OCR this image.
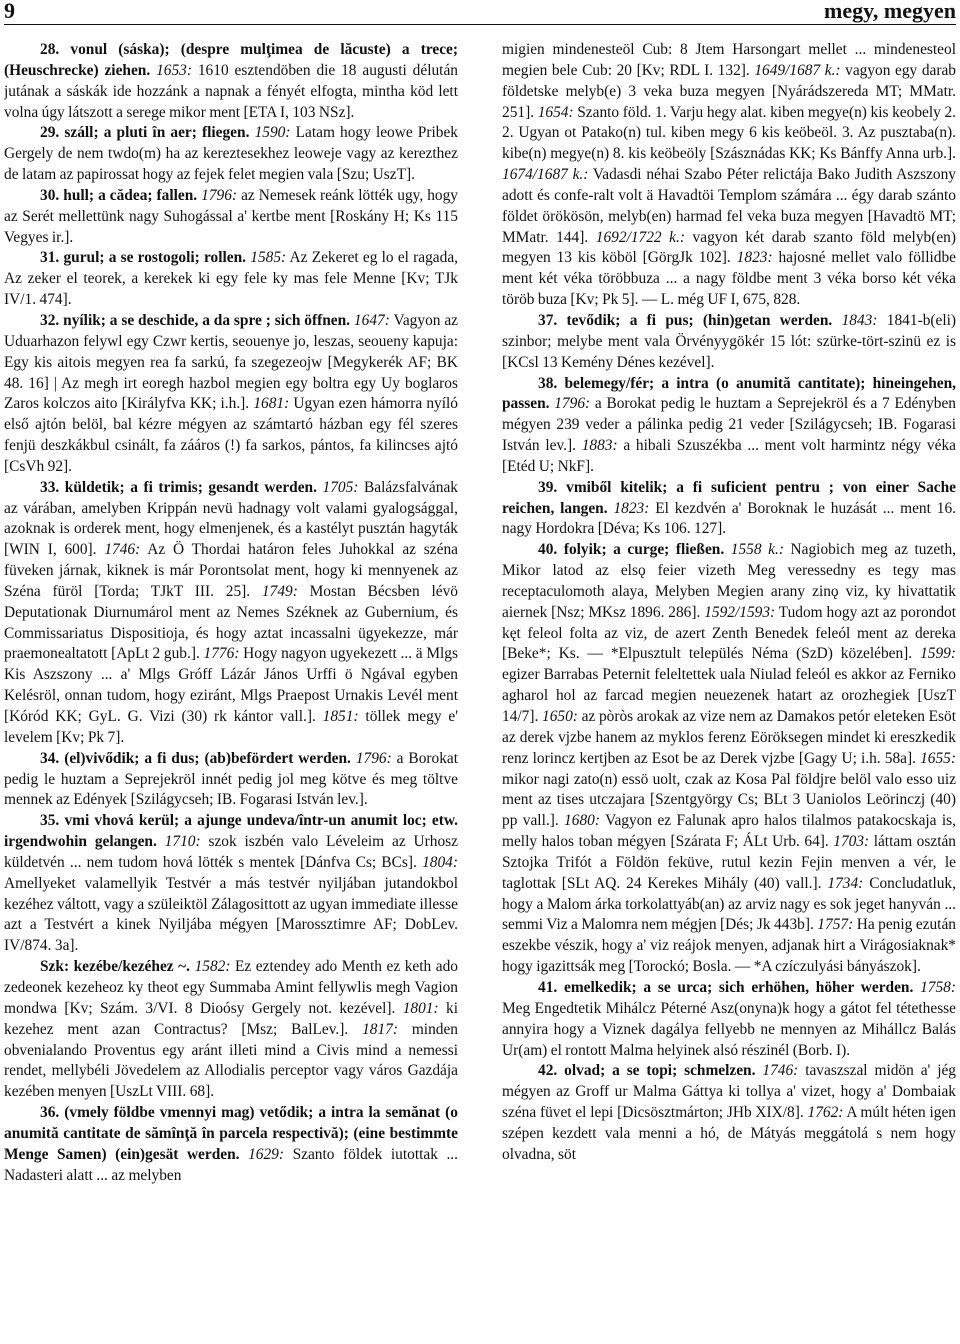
9	megy, megyen

28. vonul (sáska); (despre mulţimea de lăcuste) a trece; (Heuschrecke) ziehen. 1653: 1610 esztendöben die 18 augusti délután jutának a sáskák ide hozzánk a napnak a fényét elfogta, mintha köd lett volna úgy látszott a serege mikor ment [ETA I, 103 NSz].

29. száll; a pluti în aer; fliegen. 1590: Latam hogy leowe Pribek Gergely de nem twdo(m) ha az kereztesekhez leoweje vagy az kerezthez de latam az papirossat hogy az fejek felet megien vala [Szu; UszT].

30. hull; a cădea; fallen. 1796: az Nemesek reánk lötték ugy, hogy az Serét mellettünk nagy Suhogással a' kertbe ment [Roskány H; Ks 115 Vegyes ir.].

31. gurul; a se rostogoli; rollen. 1585: Az Zekeret eg lo el ragada, Az zeker el teorek, a kerekek ki egy fele ky mas fele Menne [Kv; TJk IV/1. 474].

32. nyílik; a se deschide, a da spre ; sich öffnen. 1647: Vagyon az Uduarhazon felywl egy Czwr kertis, seouenye jo, leszas, seoueny kapuja: Egy kis aitois megyen rea fa sarkú, fa szegezeojw [Megykerék AF; BK 48. 16] | Az megh irt eoregh hazbol megien egy boltra egy Uy boglaros Zaros kolczos aito [Királyfva KK; i.h.]. 1681: Ugyan ezen hámorra nyíló első ajtón belöl, bal kézre mégyen az számtartó házban egy fél szeres fenjü deszkákbul csinált, fa zááros (!) fa sarkos, pántos, fa kilincses ajtó [CsVh 92].

33. küldetik; a fi trimis; gesandt werden. 1705: Balázsfalvának az várában, amelyben Krippán nevü hadnagy volt valami gyalogsággal, azoknak is orderek ment, hogy elmenjenek, és a kastélyt pusztán hagyták [WIN I, 600]. 1746: Az Ö Thordai határon feles Juhokkal az széna füveken járnak, kiknek is már Porontsolat ment, hogy ki mennyenek az Széna füröl [Torda; TJkT III. 25]. 1749: Mostan Bécsben lévö Deputationak Diurnumárol ment az Nemes Széknek az Gubernium, és Commissariatus Dispositioja, és hogy aztat incassalni ügyekezze, már praemonealtatott [ApLt 2 gub.]. 1776: Hogy nagyon ugyekezett ... ä Mlgs Kis Aszszony ... a' Mlgs Gróff Lázár János Urffi ö Ngával egyben Kelésröl, onnan tudom, hogy eziránt, Mlgs Praepost Urnakis Levél ment [Kóród KK; GyL. G. Vizi (30) rk kántor vall.]. 1851: töllek megy e' levelem [Kv; Pk 7].

34. (el)vivődik; a fi dus; (ab)befördert werden. 1796: a Borokat pedig le huztam a Seprejekröl innét pedig jol meg kötve és meg töltve mennek az Edények [Szilágycseh; IB. Fogarasi István lev.].

35. vmi vhová kerül; a ajunge undeva/într-un anumit loc; etw. irgendwohin gelangen. 1710: szok iszbén valo Léveleim az Urhosz küldetvén ... nem tudom hová lötték s mentek [Dánfva Cs; BCs]. 1804: Amellyeket valamellyik Testvér a más testvér nyiljában jutandokbol kezéhez váltott, vagy a szüleiktöl Zálagosittott az ugyan immediate illesse azt a Testvért a kinek Nyiljába mégyen [Marossztimre AF; DobLev. IV/874. 3a].

Szk: kezébe/kezéhez ~. 1582: Ez eztendey ado Menth ez keth ado zedeonek kezeheoz ky theot egy Summaba Amint fellywlis megh Vagion mondwa [Kv; Szám. 3/VI. 8 Dioósy Gergely not. kezével]. 1801: ki kezehez ment azan Contractus? [Msz; BalLev.]. 1817: minden obvenialando Proventus egy aránt illeti mind a Civis mind a nemessi rendet, mellybéli Jövedelem az Allodialis perceptor vagy város Gazdája kezében menyen [UszLt VIII. 68].

36. (vmely földbe vmennyi mag) vetődik; a intra la semănat (o anumită cantitate de sămînţă în parcela respectivă); (eine bestimmte Menge Samen) (ein)gesät werden. 1629: Szanto földek iutottak ... Nadasteri alatt ... az melyben

migien mindenesteöl Cub: 8 Jtem Harsongart mellet ... mindenesteol megien bele Cub: 20 [Kv; RDL I. 132]. 1649/1687 k.: vagyon egy darab földetske melyb(e) 3 veka buza megyen [Nyárádszereda MT; MMatr. 251]. 1654: Szanto föld. 1. Varju hegy alat. kiben megye(n) kis keobely 2. 2. Ugyan ot Patako(n) tul. kiben megy 6 kis keöbeöl. 3. Az pusztaba(n). kibe(n) megye(n) 8. kis keöbeöly [Szásznádas KK; Ks Bánffy Anna urb.]. 1674/1687 k.: Vadasdi néhai Szabo Péter relictája Bako Judith Aszszony adott és confe-ralt volt ä Havadtöi Templom számára ... égy darab szánto földet örökösön, melyb(en) harmad fel veka buza megyen [Havadtö MT; MMatr. 144]. 1692/1722 k.: vagyon két darab szanto föld melyb(en) megyen 13 kis köböl [GörgJk 102]. 1823: hajosné mellet valo föllidbe ment két véka töröbbuza ... a nagy földbe ment 3 véka borso két véka töröb buza [Kv; Pk 5]. — L. még UF I, 675, 828.

37. tevődik; a fi pus; (hin)getan werden. 1843: 1841-b(eli) szinbor; melybe ment vala Örvényygökér 15 lót: szürke-tört-szinü ez is [KCsl 13 Kemény Dénes kezével].

38. belemegy/fér; a intra (o anumită cantitate); hineingehen, passen. 1796: a Borokat pedig le huztam a Seprejekröl és a 7 Edényben mégyen 239 veder a pálinka pedig 21 veder [Szilágycseh; IB. Fogarasi István lev.]. 1883: a hibali Szuszékba ... ment volt harmintz négy véka [Etéd U; NkF].

39. vmiből kitelik; a fi suficient pentru ; von einer Sache reichen, langen. 1823: El kezdvén a' Boroknak le huzását ... ment 16. nagy Hordokra [Déva; Ks 106. 127].

40. folyik; a curge; fließen. 1558 k.: Nagiobich meg az tuzeth, Mikor latod az elsǫ feier vizeth Meg veressedny es tegy mas receptaculomoth alaya, Melyben Megien arany zinǫ viz, ky hivattatik aiernek [Nsz; MKsz 1896. 286]. 1592/1593: Tudom hogy azt az porondot kęt feleol folta az viz, de azert Zenth Benedek feleól ment az dereka [Beke*; Ks. — *Elpusztult település Néma (SzD) közelében]. 1599: egizer Barrabas Peternit feleltettek uala Niulad feleól es akkor az Ferniko agharol hol az farcad megien neuezenek hatart az orozhegiek [UszT 14/7]. 1650: az pòròs arokak az vize nem az Damakos petór eleteken Esöt az derek vjzbe hanem az myklos ferenz Eöröksegen mindet ki ereszkedik renz lorincz kertjben az Esot be az Derek vjzbe [Gagy U; i.h. 58a]. 1655: mikor nagi zato(n) essö uolt, czak az Kosa Pal földjre belöl valo esso uiz ment az tises utczajara [Szentgyörgy Cs; BLt 3 Uaniolos Leörinczj (40) pp vall.]. 1680: Vagyon ez Falunak apro halos tilalmos patakocskaja is, melly halos toban mégyen [Szárata F; ÁLt Urb. 64]. 1703: láttam osztán Sztojka Trifót a Földön feküve, rutul kezin Fejin menven a vér, le taglottak [SLt AQ. 24 Kerekes Mihály (40) vall.]. 1734: Concludatluk, hogy a Malom árka torkolattyáb(an) az arviz nagy es sok jeget hanyván ... semmi Viz a Malomra nem mégjen [Dés; Jk 443b]. 1757: Ha penig ezután eszekbe vészik, hogy a' viz reájok menyen, adjanak hirt a Virágosiaknak* hogy igazittsák meg [Torockó; Bosla. — *A czíczulyási bányászok].

41. emelkedik; a se urca; sich erhöhen, höher werden. 1758: Meg Engedtetik Mihálcz Péterné Asz(onyna)k hogy a gátot fel tétethesse annyira hogy a Viznek dagálya fellyebb ne mennyen az Mihállcz Balás Ur(am) el rontott Malma helyinek alsó részinél (Borb. I).

42. olvad; a se topi; schmelzen. 1746: tavaszszal midön a' jég mégyen az Groff ur Malma Gáttya ki tollya a' vizet, hogy a' Dombaiak széna füvet el lepi [Dicsösztmárton; JHb XIX/8]. 1762: A múlt héten igen szépen kezdett vala menni a hó, de Mátyás meggátolá s nem hogy olvadna, söt
